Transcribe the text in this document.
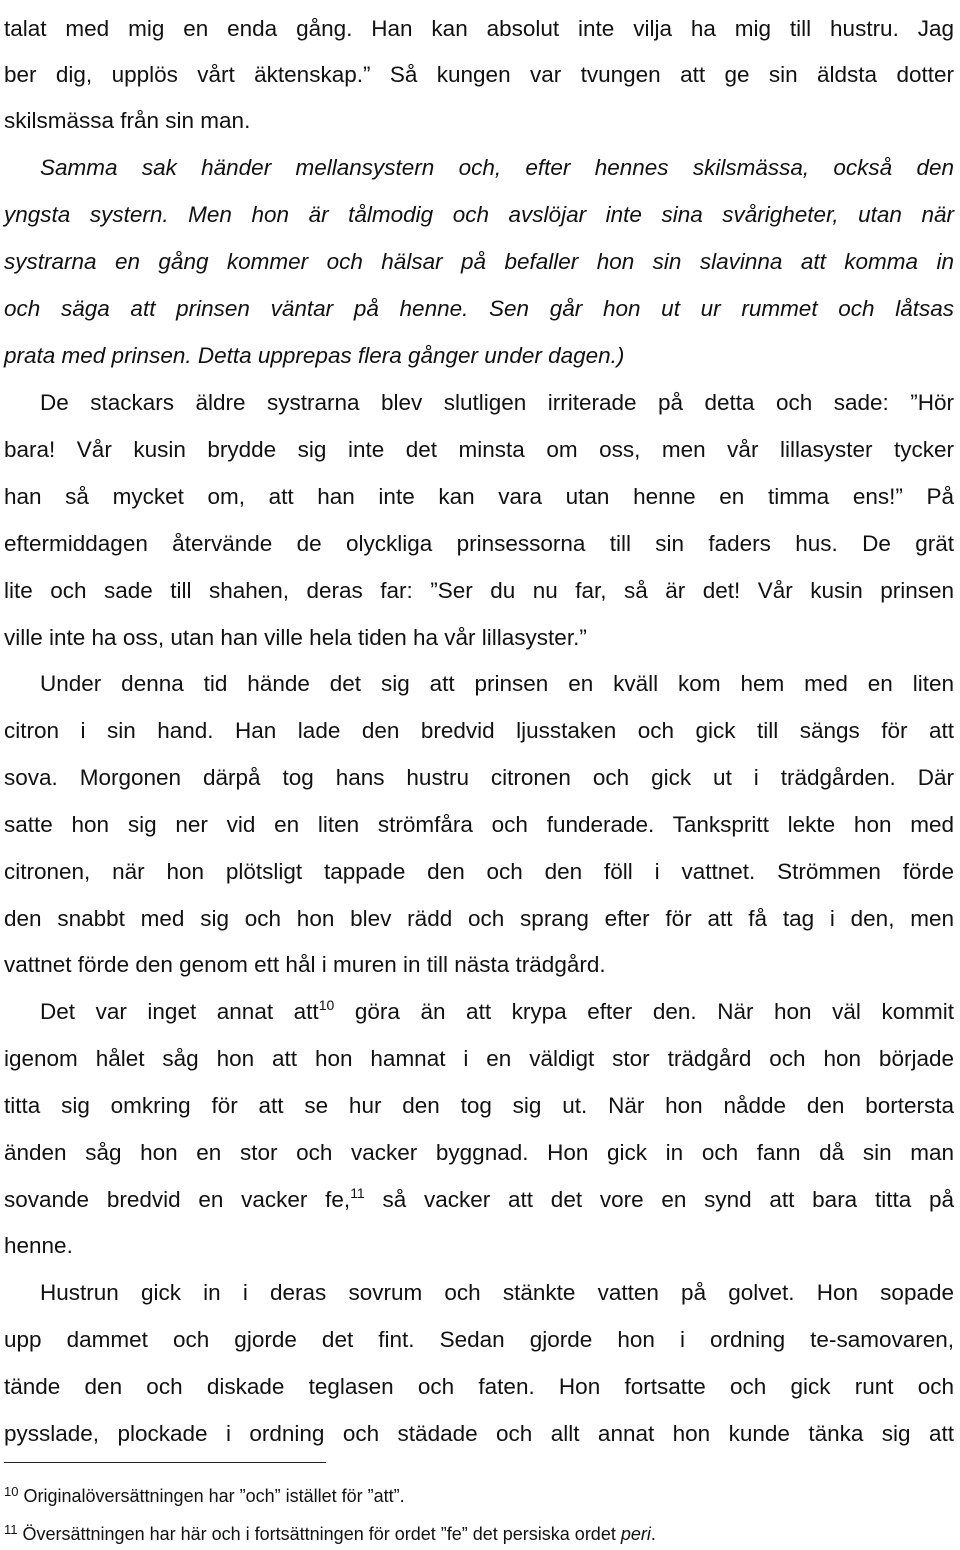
talat med mig en enda gång. Han kan absolut inte vilja ha mig till hustru. Jag
ber dig, upplös vårt äktenskap.” Så kungen var tvungen att ge sin äldsta dotter
skilsmässa från sin man.
Samma sak händer mellansystern och, efter hennes skilsmässa, också den
yngsta systern. Men hon är tålmodig och avslöjar inte sina svårigheter, utan när
systrarna en gång kommer och hälsar på befaller hon sin slavinna att komma in
och säga att prinsen väntar på henne. Sen går hon ut ur rummet och låtsas
prata med prinsen. Detta upprepas flera gånger under dagen.)
De stackars äldre systrarna blev slutligen irriterade på detta och sade: ”Hör
bara! Vår kusin brydde sig inte det minsta om oss, men vår lillasyster tycker
han så mycket om, att han inte kan vara utan henne en timma ens!” På
eftermiddagen återvände de olyckliga prinsessorna till sin faders hus. De grät
lite och sade till shahen, deras far: ”Ser du nu far, så är det! Vår kusin prinsen
ville inte ha oss, utan han ville hela tiden ha vår lillasyster.”
Under denna tid hände det sig att prinsen en kväll kom hem med en liten
citron i sin hand. Han lade den bredvid ljusstaken och gick till sängs för att
sova. Morgonen därpå tog hans hustru citronen och gick ut i trädgården. Där
satte hon sig ner vid en liten strömfåra och funderade. Tankspritt lekte hon med
citronen, när hon plötsligt tappade den och den föll i vattnet. Strömmen förde
den snabbt med sig och hon blev rädd och sprang efter för att få tag i den, men
vattnet förde den genom ett hål i muren in till nästa trädgård.
Det var inget annat att$^{10}$ göra än att krypa efter den. När hon väl kommit
igenom hålet såg hon att hon hamnat i en väldigt stor trädgård och hon började
titta sig omkring för att se hur den tog sig ut. När hon nådde den bortersta
änden såg hon en stor och vacker byggnad. Hon gick in och fann då sin man
sovande bredvid en vacker fe,$^{11}$ så vacker att det vore en synd att bara titta på
henne.
Hustrun gick in i deras sovrum och stänkte vatten på golvet. Hon sopade
upp dammet och gjorde det fint. Sedan gjorde hon i ordning te-samovaren,
tände den och diskade teglasen och faten. Hon fortsatte och gick runt och
pysslade, plockade i ordning och städade och allt annat hon kunde tänka sig att
$^{10}$ Originalöversättningen har ”och” istället för ”att”.
$^{11}$ Översättningen har här och i fortsättningen för ordet ”fe” det persiska ordet peri.
